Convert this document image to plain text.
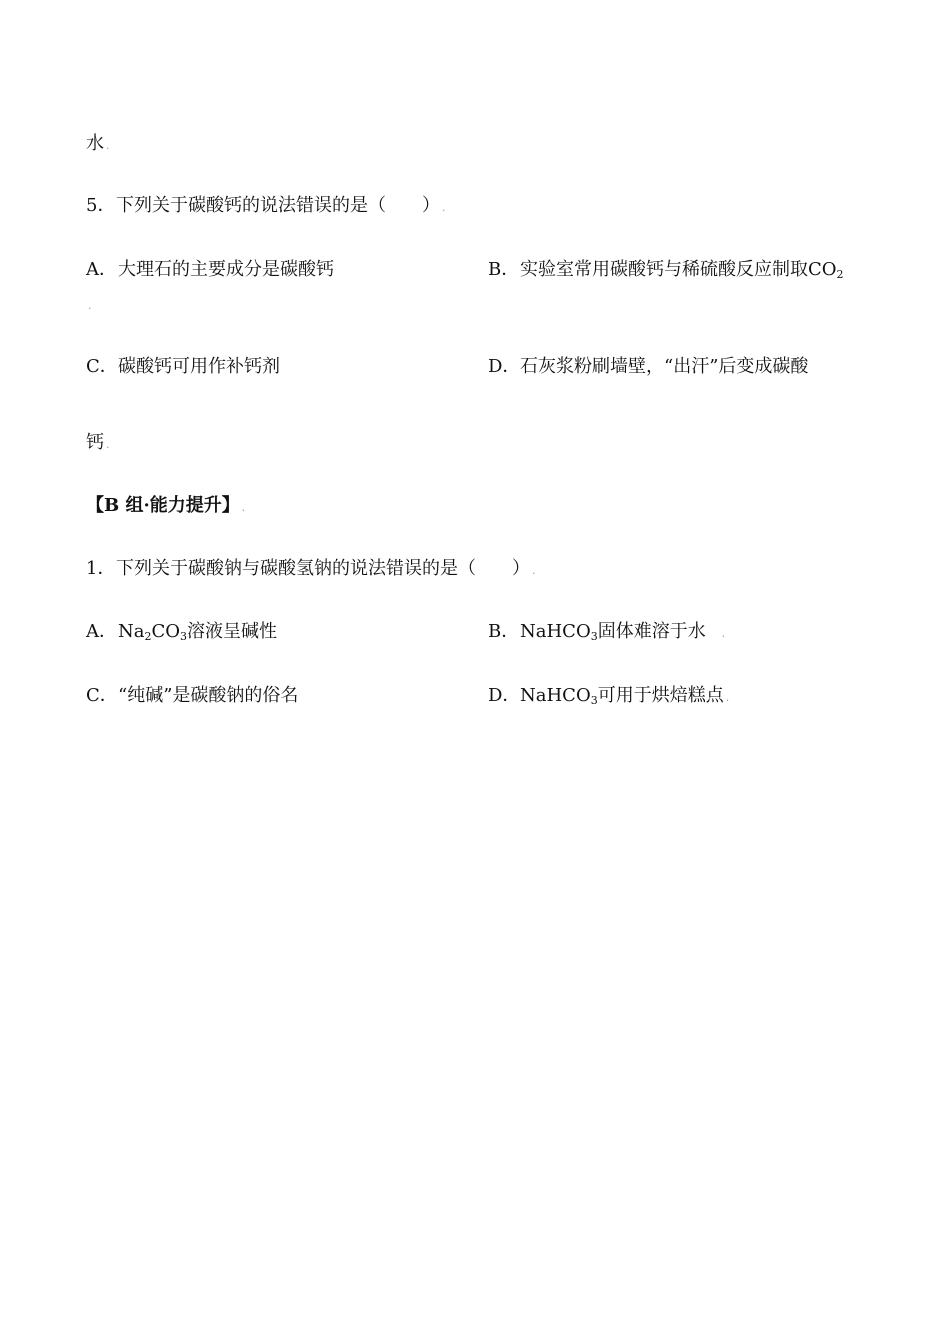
水 .
5．下列关于碳酸钙的说法错误的是（　　） .
A．大理石的主要成分是碳酸钙	B．实验室常用碳酸钙与稀硫酸反应制取$CO_2$
.
C．碳酸钙可用作补钙剂	D．石灰浆粉刷墙壁，“出汗”后变成碳酸
钙 .
【B 组·能力提升】 .
1．下列关于碳酸钠与碳酸氢钠的说法错误的是（　　） .
A．$Na_2CO_3$溶液呈碱性	B．NaHCO$_3$固体难溶于水 .
C．“纯碱”是碳酸钠的俗名	D．NaHCO$_3$可用于烘焙糕点 .
